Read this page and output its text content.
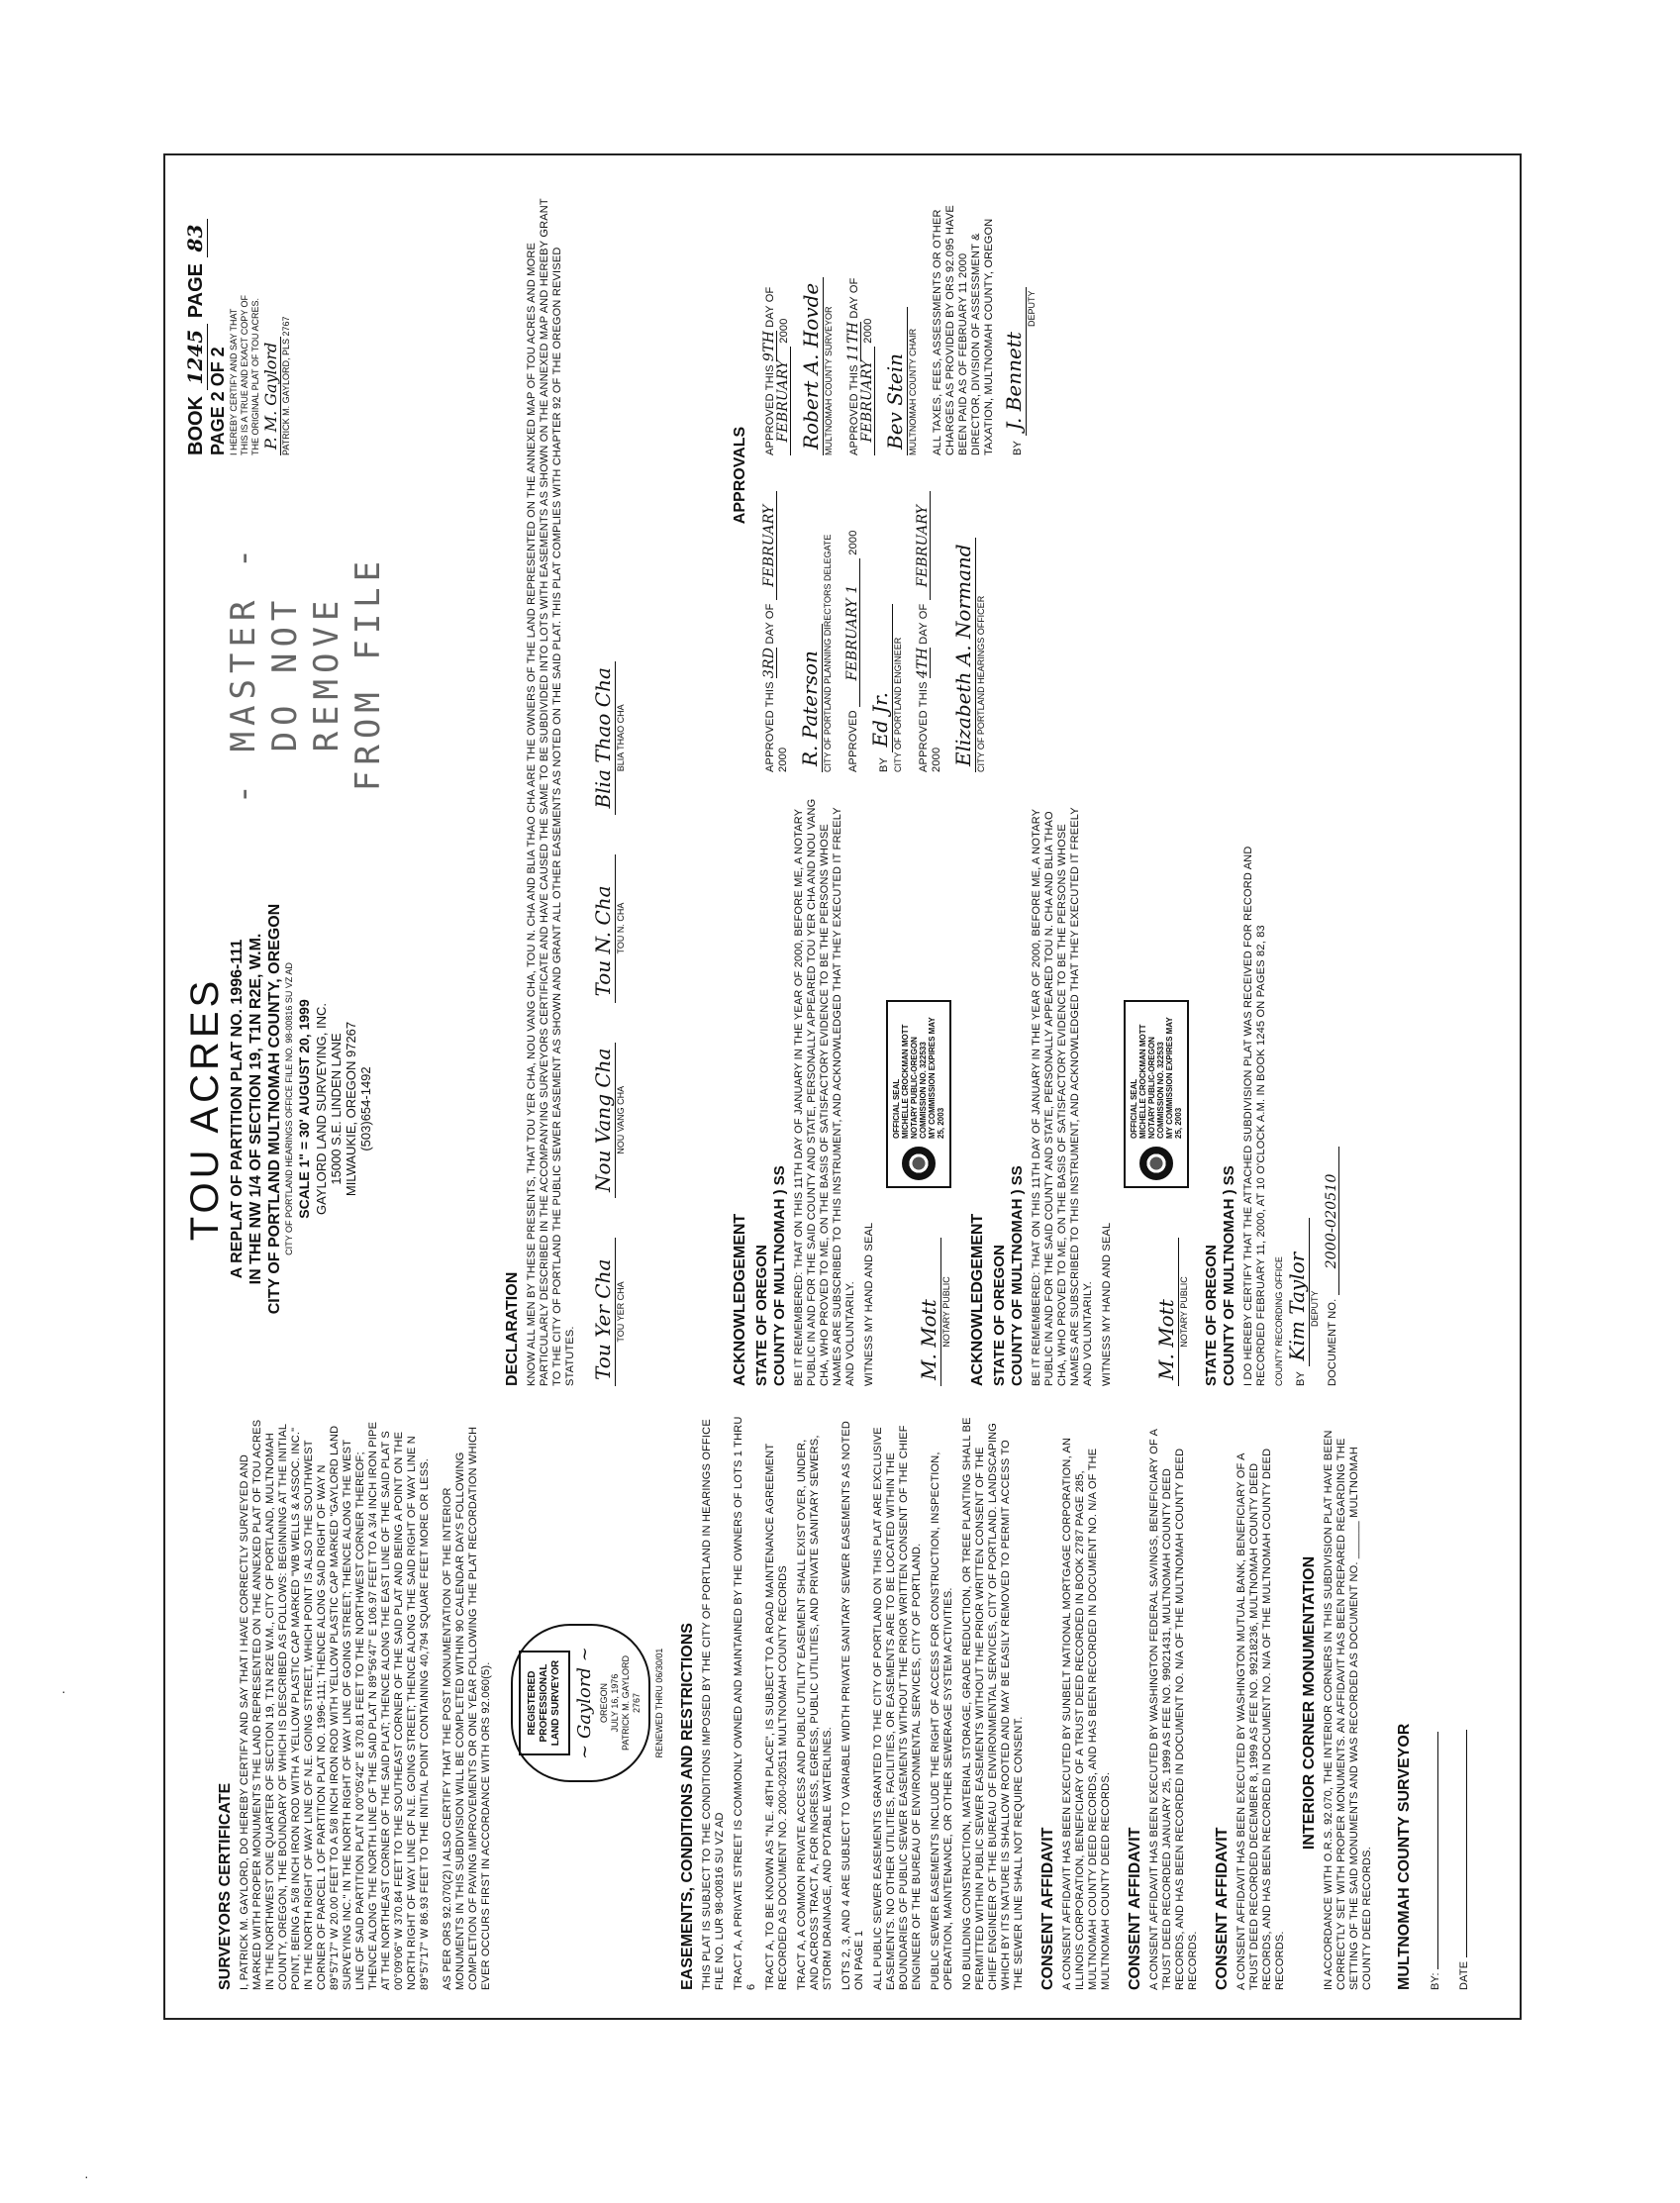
SURVEYORS CERTIFICATE I, PATRICK M. GAYLORD, DO HEREBY CERTIFY AND SAY THAT I HAVE CORRECTLY SURVEYED AND MARKED WITH PROPER MONUMENTS THE LAND REPRESENTED ON THE ANNEXED PLAT OF TOU ACRES IN THE NORTHWEST ONE QUARTER OF SECTION 19, T1N R2E W.M., CITY OF PORTLAND, MULTNOMAH COUNTY, OREGON, THE BOUNDARY OF WHICH IS DESCRIBED AS FOLLOWS: BEGINNING AT THE INITIAL POINT, BEING A 5/8 INCH IRON ROD WITH A YELLOW PLASTIC CAP MARKED "WB WELLS & ASSOC. INC." IN THE NORTH RIGHT OF WAY LINE OF N.E. GOING STREET, WHICH POINT IS ALSO THE SOUTHWEST CORNER OF PARCEL 1 OF PARTITION PLAT NO. 1996-111; THENCE ALONG SAID RIGHT OF WAY N 89°57'17" W 20.00 FEET TO A 5/8 INCH IRON ROD WITH YELLOW PLASTIC CAP MARKED "GAYLORD LAND SURVEYING INC." IN THE NORTH RIGHT OF WAY LINE OF GOING STREET; THENCE ALONG THE WEST LINE OF SAID PARTITION PLAT N 00°05'42" E 370.81 FEET TO THE NORTHWEST CORNER THEREOF; THENCE ALONG THE NORTH LINE OF THE SAID PLAT N 89°56'47" E 106.97 FEET TO A 3/4 INCH IRON PIPE AT THE NORTHEAST CORNER OF THE SAID PLAT; THENCE ALONG THE EAST LINE OF THE SAID PLAT S 00°09'06" W 370.84 FEET TO THE SOUTHEAST CORNER OF THE SAID PLAT AND BEING A POINT ON THE NORTH RIGHT OF WAY LINE OF N.E. GOING STREET; THENCE ALONG THE SAID RIGHT OF WAY LINE N 89°57'17" W 86.93 FEET TO THE INITIAL POINT CONTAINING 40,794 SQUARE FEET MORE OR LESS. AS PER ORS 92.070(2) I ALSO CERTIFY THAT THE POST MONUMENTATION OF THE INTERIOR MONUMENTS IN THIS SUBDIVISION WILL BE COMPLETED WITHIN 90 CALENDAR DAYS FOLLOWING COMPLETION OF PAVING IMPROVEMENTS OR ONE YEAR FOLLOWING THE PLAT RECORDATION WHICH EVER OCCURS FIRST IN ACCORDANCE WITH ORS 92.060(5).	REGISTERED PROFESSIONAL LAND SURVEYOR ~ Gaylord ~ OREGON JULY 16, 1976 PATRICK M. GAYLORD 2767 RENEWED THRU 06/30/01 EASEMENTS, CONDITIONS AND RESTRICTIONS THIS PLAT IS SUBJECT TO THE CONDITIONS IMPOSED BY THE CITY OF PORTLAND IN HEARINGS OFFICE FILE NO. LUR 98-00816 SU VZ AD TRACT A, A PRIVATE STREET IS COMMONLY OWNED AND MAINTAINED BY THE OWNERS OF LOTS 1 THRU 6 TRACT A, TO BE KNOWN AS "N.E. 48TH PLACE", IS SUBJECT TO A ROAD MAINTENANCE AGREEMENT RECORDED AS DOCUMENT NO. 2000-020511 MULTNOMAH COUNTY RECORDS TRACT A, A COMMON PRIVATE ACCESS AND PUBLIC UTILITY EASEMENT SHALL EXIST OVER, UNDER, AND ACROSS TRACT A, FOR INGRESS, EGRESS, PUBLIC UTILITIES, AND PRIVATE SANITARY SEWERS, STORM DRAINAGE, AND POTABLE WATERLINES. LOTS 2, 3, AND 4 ARE SUBJECT TO VARIABLE WIDTH PRIVATE SANITARY SEWER EASEMENTS AS NOTED ON PAGE 1 ALL PUBLIC SEWER EASEMENTS GRANTED TO THE CITY OF PORTLAND ON THIS PLAT ARE EXCLUSIVE EASEMENTS. NO OTHER UTILITIES, FACILITIES, OR EASEMENTS ARE TO BE LOCATED WITHIN THE BOUNDARIES OF PUBLIC SEWER EASEMENTS WITHOUT THE PRIOR WRITTEN CONSENT OF THE CHIEF ENGINEER OF THE BUREAU OF ENVIRONMENTAL SERVICES, CITY OF PORTLAND. PUBLIC SEWER EASEMENTS INCLUDE THE RIGHT OF ACCESS FOR CONSTRUCTION, INSPECTION, OPERATION, MAINTENANCE, OR OTHER SEWERAGE SYSTEM ACTIVITIES. NO BUILDING CONSTRUCTION, MATERIAL STORAGE, GRADE REDUCTION, OR TREE PLANTING SHALL BE PERMITTED WITHIN PUBLIC SEWER EASEMENTS WITHOUT THE PRIOR WRITTEN CONSENT OF THE CHIEF ENGINEER OF THE BUREAU OF ENVIRONMENTAL SERVICES, CITY OF PORTLAND. LANDSCAPING WHICH BY ITS NATURE IS SHALLOW ROOTED AND MAY BE EASILY REMOVED TO PERMIT ACCESS TO THE SEWER LINE SHALL NOT REQUIRE CONSENT. CONSENT AFFIDAVIT A CONSENT AFFIDAVIT HAS BEEN EXECUTED BY SUNBELT NATIONAL MORTGAGE CORPORATION, AN ILLINOIS CORPORATION, BENEFICIARY OF A TRUST DEED RECORDED IN BOOK 2787 PAGE 285, MULTNOMAH COUNTY DEED RECORDS, AND HAS BEEN RECORDED IN DOCUMENT NO. N/A OF THE MULTNOMAH COUNTY DEED RECORDS. CONSENT AFFIDAVIT A CONSENT AFFIDAVIT HAS BEEN EXECUTED BY WASHINGTON FEDERAL SAVINGS, BENEFICIARY OF A TRUST DEED RECORDED JANUARY 25, 1999 AS FEE NO. 99021431, MULTNOMAH COUNTY DEED RECORDS, AND HAS BEEN RECORDED IN DOCUMENT NO. N/A OF THE MULTNOMAH COUNTY DEED RECORDS. CONSENT AFFIDAVIT A CONSENT AFFIDAVIT HAS BEEN EXECUTED BY WASHINGTON MUTUAL BANK, BENEFICIARY OF A TRUST DEED RECORDED DECEMBER 8, 1999 AS FEE NO. 99218236, MULTNOMAH COUNTY DEED RECORDS, AND HAS BEEN RECORDED IN DOCUMENT NO. N/A OF THE MULTNOMAH COUNTY DEED RECORDS.
INTERIOR CORNER MONUMENTATION IN ACCORDANCE WITH O.R.S. 92.070, THE INTERIOR CORNERS IN THIS SUBDIVISION PLAT HAVE BEEN CORRECTLY SET WITH PROPER MONUMENTS. AN AFFIDAVIT HAS BEEN PREPARED REGARDING THE SETTING OF THE SAID MONUMENTS AND WAS RECORDED AS DOCUMENT NO. ______ MULTNOMAH COUNTY DEED RECORDS. MULTNOMAH COUNTY SURVEYOR BY: DATE
TOU ACRES A REPLAT OF PARTITION PLAT NO. 1996-111 IN THE NW 1/4 OF SECTION 19, T1N R2E, W.M. CITY OF PORTLAND MULTNOMAH COUNTY, OREGON CITY OF PORTLAND HEARINGS OFFICE FILE NO. 98-00816 SU VZ AD SCALE 1" = 30' AUGUST 20, 1999 GAYLORD LAND SURVEYING, INC. 15000 S.E. LINDEN LANE MILWAUKIE, OREGON 97267 (503)654-1492
- MASTER - DO NOT REMOVE FROM FILE
BOOK 1245 PAGE 83
PAGE 2 OF 2 I HEREBY CERTIFY AND SAY THAT THIS IS A TRUE AND EXACT COPY OF THE ORIGINAL PLAT OF TOU ACRES. P. M. Gaylord PATRICK M. GAYLORD, PLS 2767
DECLARATION KNOW ALL MEN BY THESE PRESENTS, THAT TOU YER CHA, NOU VANG CHA, TOU N. CHA AND BLIA THAO CHA ARE THE OWNERS OF THE LAND REPRESENTED ON THE ANNEXED MAP OF TOU ACRES AND MORE PARTICULARLY DESCRIBED IN THE ACCOMPANYING SURVEYORS CERTIFICATE AND HAVE CAUSED THE SAME TO BE SUBDIVIDED INTO LOTS WITH EASEMENTS AS SHOWN ON THE ANNEXED MAP AND HEREBY GRANT TO THE CITY OF PORTLAND THE PUBLIC SEWER EASEMENT AS SHOWN AND GRANT ALL OTHER EASEMENTS AS NOTED ON THE SAID PLAT. THIS PLAT COMPLIES WITH CHAPTER 92 OF THE OREGON REVISED STATUTES. Tou Yer Cha TOU YER CHA
Nou Vang Cha NOU VANG CHA
Tou N. Cha TOU N. CHA
Blia Thao Cha BLIA THAO CHA
ACKNOWLEDGEMENT STATE OF OREGON COUNTY OF MULTNOMAH ) SS BE IT REMEMBERED: THAT ON THIS 11TH DAY OF JANUARY IN THE YEAR OF 2000, BEFORE ME, A NOTARY PUBLIC IN AND FOR THE SAID COUNTY AND STATE, PERSONALLY APPEARED TOU YER CHA AND NOU VANG CHA, WHO PROVED TO ME, ON THE BASIS OF SATISFACTORY EVIDENCE TO BE THE PERSONS WHOSE NAMES ARE SUBSCRIBED TO THIS INSTRUMENT, AND ACKNOWLEDGED THAT THEY EXECUTED IT FREELY AND VOLUNTARILY. WITNESS MY HAND AND SEAL M. Mott NOTARY PUBLIC
OFFICIAL SEAL MICHELLE CROCKMAN MOTT NOTARY PUBLIC-OREGON COMMISSION NO. 322533 MY COMMISSION EXPIRES MAY 25, 2003
ACKNOWLEDGEMENT STATE OF OREGON COUNTY OF MULTNOMAH ) SS BE IT REMEMBERED: THAT ON THIS 11TH DAY OF JANUARY IN THE YEAR OF 2000, BEFORE ME, A NOTARY PUBLIC IN AND FOR THE SAID COUNTY AND STATE, PERSONALLY APPEARED TOU N. CHA AND BLIA THAO CHA, WHO PROVED TO ME, ON THE BASIS OF SATISFACTORY EVIDENCE TO BE THE PERSONS WHOSE NAMES ARE SUBSCRIBED TO THIS INSTRUMENT, AND ACKNOWLEDGED THAT THEY EXECUTED IT FREELY AND VOLUNTARILY. WITNESS MY HAND AND SEAL M. Mott NOTARY PUBLIC
OFFICIAL SEAL MICHELLE CROCKMAN MOTT NOTARY PUBLIC-OREGON COMMISSION NO. 322533 MY COMMISSION EXPIRES MAY 25, 2003
APPROVALS
APPROVED THIS 3RD DAY OF FEBRUARY 2000 R. Paterson CITY OF PORTLAND PLANNING DIRECTORS DELEGATE APPROVED FEBRUARY 1 2000
BY Ed Jr. CITY OF PORTLAND ENGINEER APPROVED THIS 4TH DAY OF FEBRUARY 2000 Elizabeth A. Normand CITY OF PORTLAND HEARINGS OFFICER
APPROVED THIS 9TH DAY OF FEBRUARY 2000 Robert A. Hovde MULTNOMAH COUNTY SURVEYOR APPROVED THIS 11TH DAY OF FEBRUARY 2000
Bev Stein MULTNOMAH COUNTY CHAIR ALL TAXES, FEES, ASSESSMENTS OR OTHER CHARGES AS PROVIDED BY ORS 92.095 HAVE BEEN PAID AS OF FEBRUARY 11 2000 DIRECTOR, DIVISION OF ASSESSMENT & TAXATION, MULTNOMAH COUNTY, OREGON	BY J. Bennett
DEPUTY
STATE OF OREGON COUNTY OF MULTNOMAH ) SS I DO HEREBY CERTIFY THAT THE ATTACHED SUBDIVISION PLAT WAS RECEIVED FOR RECORD AND RECORDED FEBRUARY 11, 2000, AT 10 O'CLOCK A.M. IN BOOK 1245 ON PAGES 82, 83 COUNTY RECORDING OFFICE	BY Kim Taylor DEPUTY DOCUMENT NO. 2000-020510
·
·
